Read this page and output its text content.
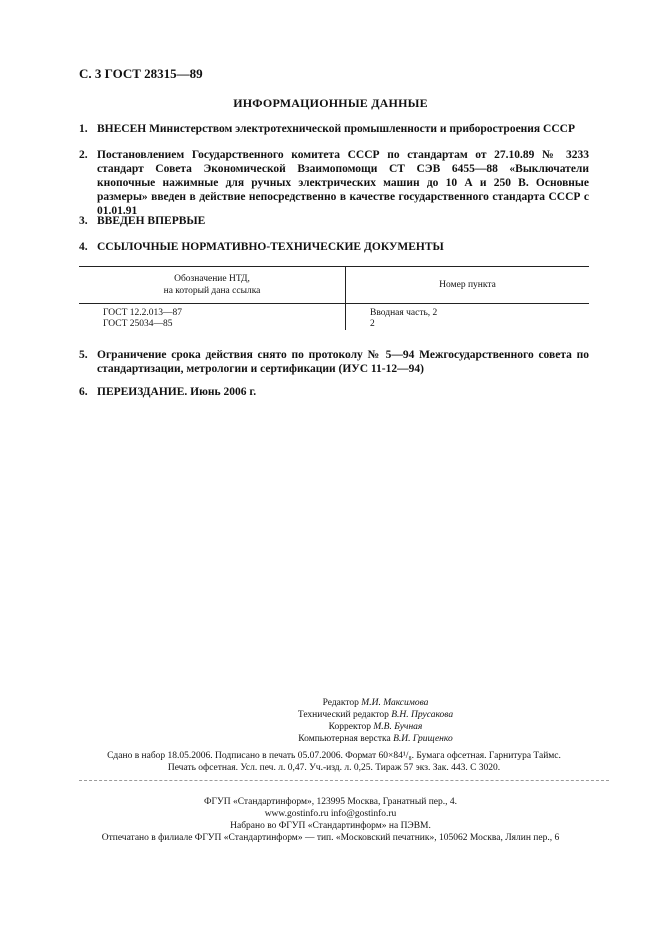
С. 3 ГОСТ 28315—89
ИНФОРМАЦИОННЫЕ ДАННЫЕ
1. ВНЕСЕН Министерством электротехнической промышленности и приборостроения СССР
2. Постановлением Государственного комитета СССР по стандартам от 27.10.89 № 3233 стандарт Совета Экономической Взаимопомощи СТ СЭВ 6455—88 «Выключатели кнопочные нажимные для ручных электрических машин до 10 А и 250 В. Основные размеры» введен в действие непосредственно в качестве государственного стандарта СССР с 01.01.91
3. ВВЕДЕН ВПЕРВЫЕ
4. ССЫЛОЧНЫЕ НОРМАТИВНО-ТЕХНИЧЕСКИЕ ДОКУМЕНТЫ
Обозначение НТД,
на который дана ссылка	Номер пункта
ГОСТ 12.2.013—87	Вводная часть, 2
ГОСТ 25034—85	2
5. Ограничение срока действия снято по протоколу № 5—94 Межгосударственного совета по стандартизации, метрологии и сертификации (ИУС 11-12—94)
6. ПЕРЕИЗДАНИЕ. Июнь 2006 г.
Редактор М.И. Максимова
Технический редактор В.Н. Прусакова
Корректор М.В. Бучная
Компьютерная верстка В.И. Грищенко
Сдано в набор 18.05.2006. Подписано в печать 05.07.2006. Формат 60×84¹/₈. Бумага офсетная. Гарнитура Таймс.
Печать офсетная. Усл. печ. л. 0,47. Уч.-изд. л. 0,25. Тираж 57 экз. Зак. 443. С 3020.
ФГУП «Стандартинформ», 123995 Москва, Гранатный пер., 4.
www.gostinfo.ru info@gostinfo.ru
Набрано во ФГУП «Стандартинформ» на ПЭВМ.
Отпечатано в филиале ФГУП «Стандартинформ» — тип. «Московский печатник», 105062 Москва, Лялин пер., 6
